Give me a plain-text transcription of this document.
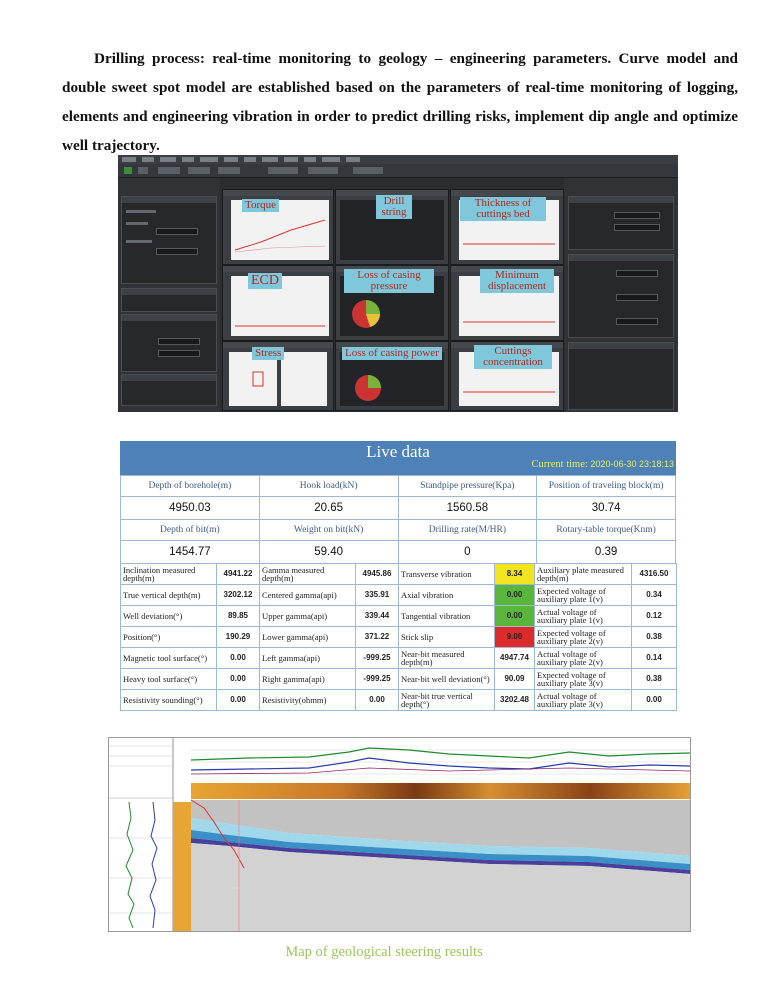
Drilling process: real-time monitoring to geology – engineering parameters. Curve model and double sweet spot model are established based on the parameters of real-time monitoring of logging, elements and engineering vibration in order to predict drilling risks, implement dip angle and optimize well trajectory.

Torque	Drill string
Thickness of cuttings bed
ECD	Loss of casing pressure
Minimum displacement
Stress	Loss of casing power	Cuttings concentration
Live data
Current time: 2020-06-30 23:18:13
Depth of borehole(m)	Hook load(kN)	Standpipe pressure(Kpa)	Position of traveling block(m)
4950.03	20.65	1560.58	30.74
Depth of bit(m)	Weight on bit(kN)	Drilling rate(M/HR)	Rotary-table torque(Knm)
1454.77	59.40	0	0.39
Inclination measured depth(m)	4941.22	Gamma measured depth(m)	4945.86	Transverse vibration	8.34	Auxiliary plate measured depth(m)	4316.50
True vertical depth(m)	3202.12	Centered gamma(api)	335.91	Axial vibration	0.00	Expected voltage of auxiliary plate 1(v)	0.34
Well deviation(°)	89.85	Upper gamma(api)	339.44	Tangential vibration	0.00	Actual voltage of auxiliary plate 1(v)	0.12
Position(°)	190.29	Lower gamma(api)	371.22	Stick slip	9.00	Expected voltage of auxiliary plate 2(v)	0.38
Magnetic tool surface(°)	0.00	Left gamma(api)	-999.25	Near-bit measured depth(m)	4947.74	Actual voltage of auxiliary plate 2(v)	0.14
Heavy tool surface(°)	0.00	Right gamma(api)	-999.25	Near-bit well deviation(°)	90.09	Expected voltage of auxiliary plate 3(v)	0.38
Resistivity sounding(°)	0.00	Resistivity(ohmm)	0.00	Near-bit true vertical depth(°)	3202.48	Actual voltage of auxiliary plate 3(v)	0.00
Map of geological steering results
